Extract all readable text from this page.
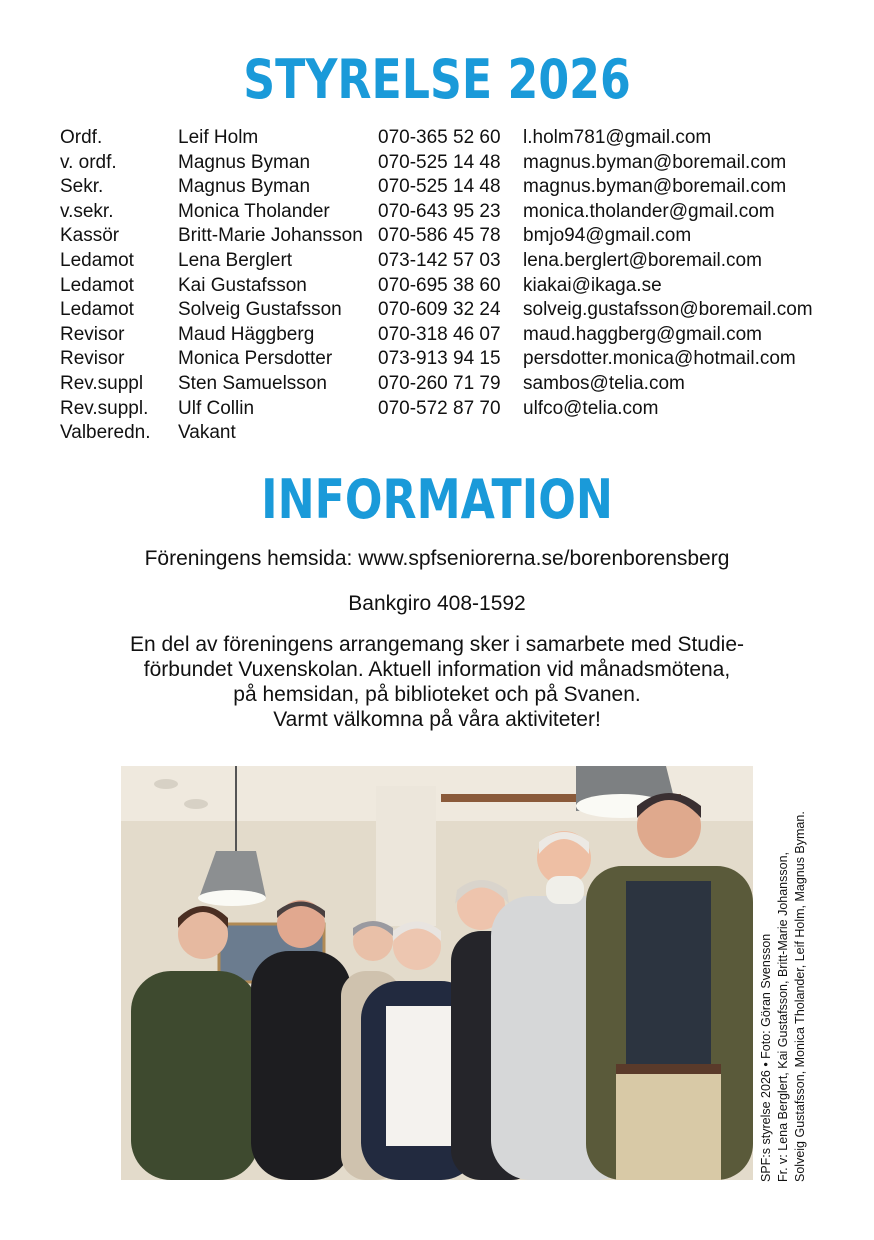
STYRELSE 2026
Ordf.	Leif Holm	070-365 52 60 l.holm781@gmail.com
v. ordf.	Magnus Byman	070-525 14 48 magnus.byman@boremail.com
Sekr.	Magnus Byman	070-525 14 48 magnus.byman@boremail.com
v.sekr.	Monica Tholander	070-643 95 23 monica.tholander@gmail.com
Kassör	Britt-Marie Johansson 070-586 45 78 bmjo94@gmail.com
Ledamot Lena Berglert	073-142 57 03 lena.berglert@boremail.com
Ledamot Kai Gustafsson	070-695 38 60 kiakai@ikaga.se
Ledamot Solveig Gustafsson 070-609 32 24 solveig.gustafsson@boremail.com
Revisor	Maud Häggberg	070-318 46 07 maud.haggberg@gmail.com
Revisor	Monica Persdotter 073-913 94 15 persdotter.monica@hotmail.com
Rev.suppl Sten Samuelsson	070-260 71 79 sambos@telia.com
Rev.suppl. Ulf Collin	070-572 87 70 ulfco@telia.com
Valberedn. Vakant
INFORMATION
Föreningens hemsida: www.spfseniorerna.se/borenborensberg
Bankgiro 408-1592
En del av föreningens arrangemang sker i samarbete med Studie-
förbundet Vuxenskolan. Aktuell information vid månadsmötena,
på hemsidan, på biblioteket och på Svanen.
Varmt välkomna på våra aktiviteter!
SPF:s styrelse 2026 • Foto: Göran Svensson Fr. v: Lena Berglert, Kai Gustafsson, Britt-Marie Johansson, Solveig Gustafsson, Monica Tholander, Leif Holm, Magnus Byman.
